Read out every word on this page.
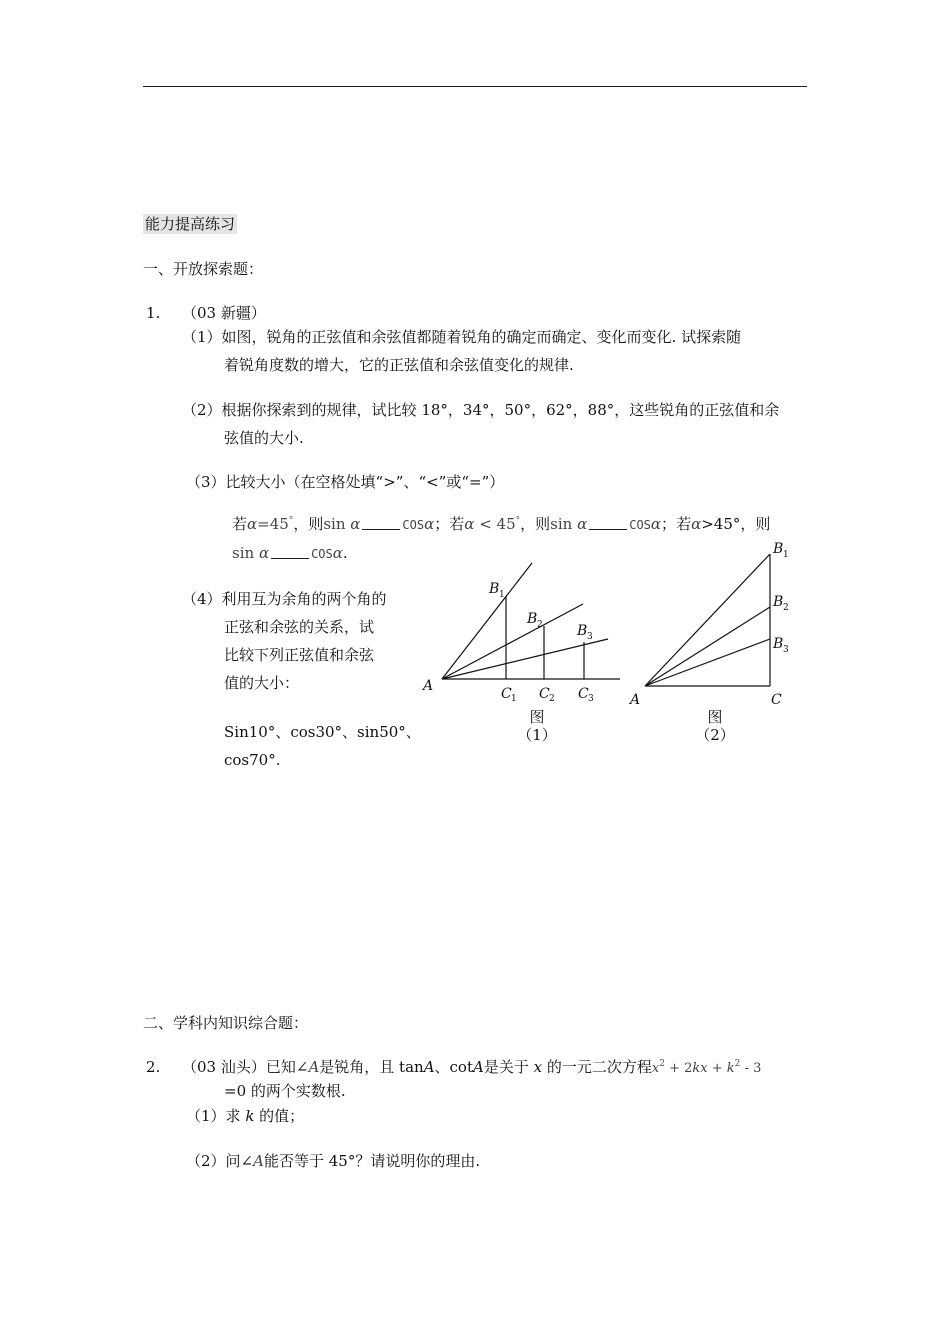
能力提高练习
一、开放探索题：
1. （03 新疆）
（1）如图，锐角的正弦值和余弦值都随着锐角的确定而确定、变化而变化. 试探索随
着锐角度数的增大，它的正弦值和余弦值变化的规律.
（2）根据你探索到的规律，试比较 18°，34°，50°，62°，88°，这些锐角的正弦值和余
弦值的大小.
（3）比较大小（在空格处填“>”、“<”或“=”）
若α=45°，则sin α	COSα；若α < 45°，则sin α	COSα；若α>45°，则
sin α	COSα.
（4）利用互为余角的两个角的
正弦和余弦的关系，试
比较下列正弦值和余弦
值的大小：
Sin10°、cos30°、sin50°、
cos70°.
A
B 1
B 2 B 3
C 1 C 2 C 3
图
（1）
A	C
B 1
B 2
B 3
图
（2）
二、学科内知识综合题：
2. （03 汕头）已知∠A是锐角，且 tanA、cotA是关于 x 的一元二次方程$x^2 + 2kx + k^2 - 3$
=0 的两个实数根.
（1）求 k 的值；
（2）问∠A能否等于 45°？请说明你的理由.
